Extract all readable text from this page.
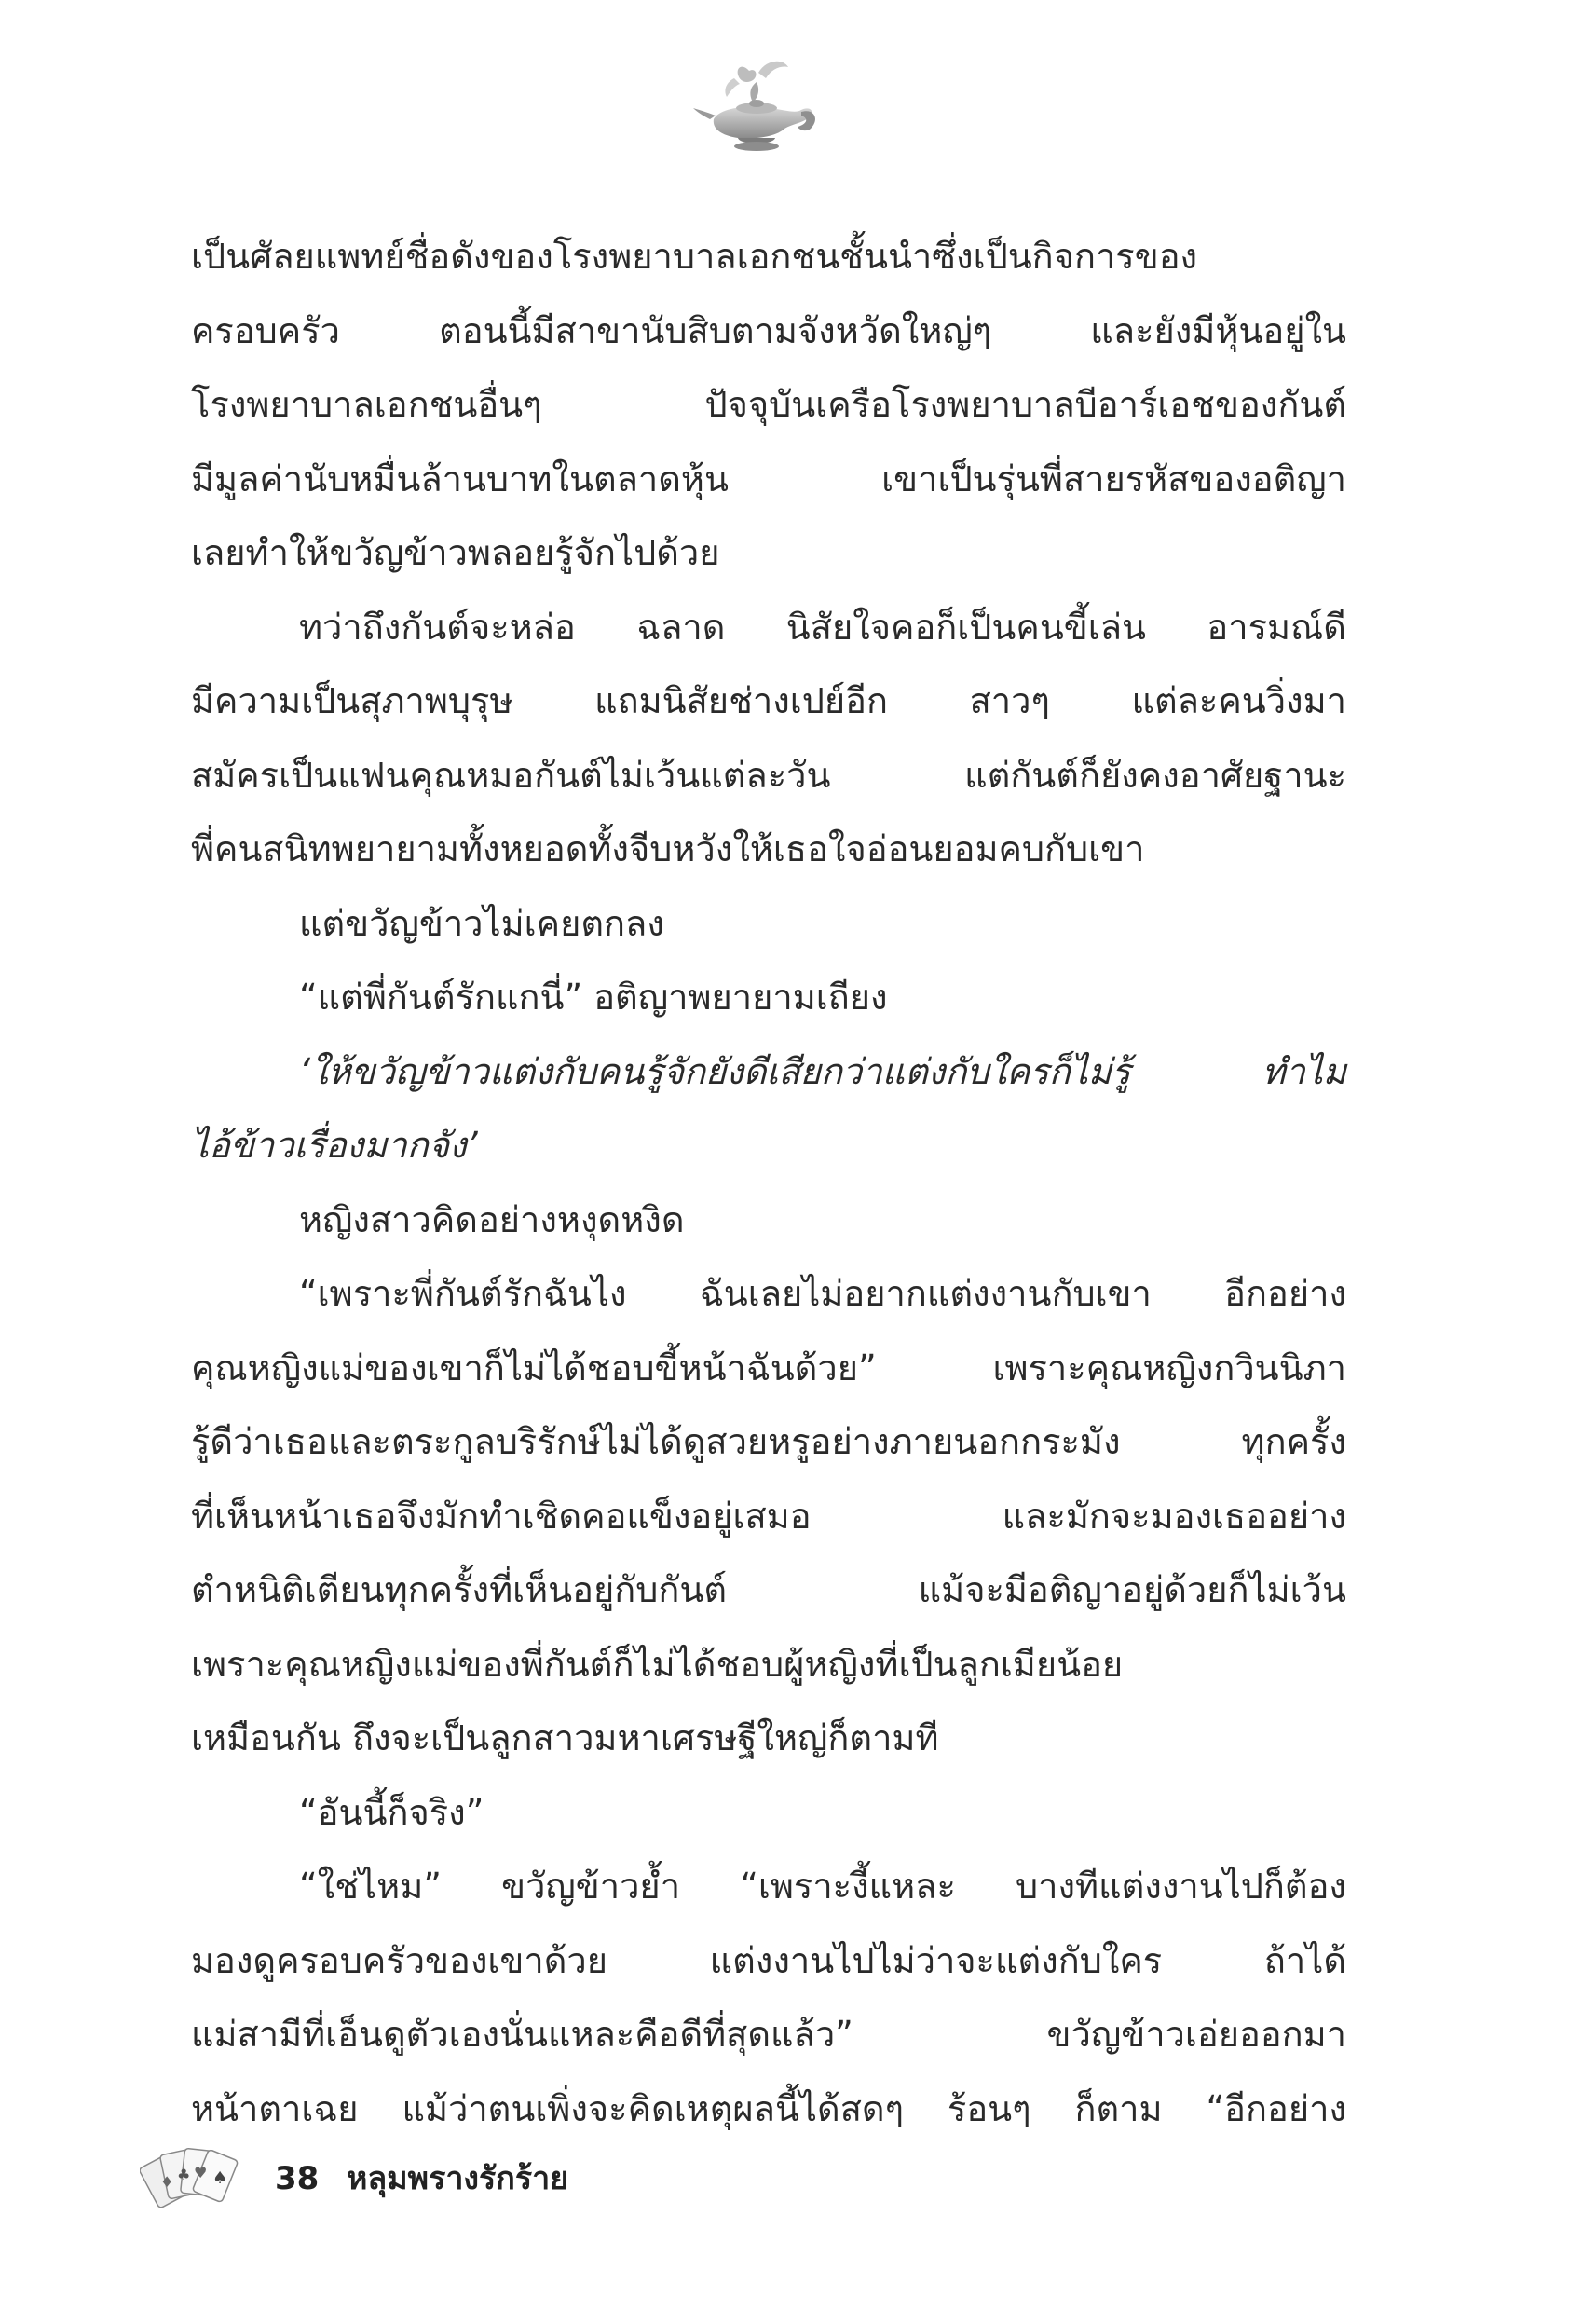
เป็นศัลยแพทย์ชื่อดังของโรงพยาบาลเอกชนชั้นนำซึ่งเป็นกิจการของ
ครอบครัว ตอนนี้มีสาขานับสิบตามจังหวัดใหญ่ๆ และยังมีหุ้นอยู่ใน
โรงพยาบาลเอกชนอื่นๆ ปัจจุบันเครือโรงพยาบาลบีอาร์เอชของกันต์
มีมูลค่านับหมื่นล้านบาทในตลาดหุ้น เขาเป็นรุ่นพี่สายรหัสของอติญา
เลยทำให้ขวัญข้าวพลอยรู้จักไปด้วย
ทว่าถึงกันต์จะหล่อ ฉลาด นิสัยใจคอก็เป็นคนขี้เล่น อารมณ์ดี
มีความเป็นสุภาพบุรุษ แถมนิสัยช่างเปย์อีก สาวๆ แต่ละคนวิ่งมา
สมัครเป็นแฟนคุณหมอกันต์ไม่เว้นแต่ละวัน แต่กันต์ก็ยังคงอาศัยฐานะ
พี่คนสนิทพยายามทั้งหยอดทั้งจีบหวังให้เธอใจอ่อนยอมคบกับเขา
แต่ขวัญข้าวไม่เคยตกลง
“แต่พี่กันต์รักแกนี่” อติญาพยายามเถียง
‘ให้ขวัญข้าวแต่งกับคนรู้จักยังดีเสียกว่าแต่งกับใครก็ไม่รู้ ทำไม
ไอ้ข้าวเรื่องมากจัง’
หญิงสาวคิดอย่างหงุดหงิด
“เพราะพี่กันต์รักฉันไง ฉันเลยไม่อยากแต่งงานกับเขา อีกอย่าง
คุณหญิงแม่ของเขาก็ไม่ได้ชอบขี้หน้าฉันด้วย” เพราะคุณหญิงกวินนิภา
รู้ดีว่าเธอและตระกูลบริรักษ์ไม่ได้ดูสวยหรูอย่างภายนอกกระมัง ทุกครั้ง
ที่เห็นหน้าเธอจึงมักทำเชิดคอแข็งอยู่เสมอ และมักจะมองเธออย่าง
ตำหนิติเตียนทุกครั้งที่เห็นอยู่กับกันต์ แม้จะมีอติญาอยู่ด้วยก็ไม่เว้น
เพราะคุณหญิงแม่ของพี่กันต์ก็ไม่ได้ชอบผู้หญิงที่เป็นลูกเมียน้อย
เหมือนกัน ถึงจะเป็นลูกสาวมหาเศรษฐีใหญ่ก็ตามที
“อันนี้ก็จริง”
“ใช่ไหม” ขวัญข้าวย้ำ “เพราะงี้แหละ บางทีแต่งงานไปก็ต้อง
มองดูครอบครัวของเขาด้วย แต่งงานไปไม่ว่าจะแต่งกับใคร ถ้าได้
แม่สามีที่เอ็นดูตัวเองนั่นแหละคือดีที่สุดแล้ว” ขวัญข้าวเอ่ยออกมา
หน้าตาเฉย แม้ว่าตนเพิ่งจะคิดเหตุผลนี้ได้สดๆ ร้อนๆ ก็ตาม “อีกอย่าง
♦ ♣ ♥ ♠ 38 หลุมพรางรักร้าย
